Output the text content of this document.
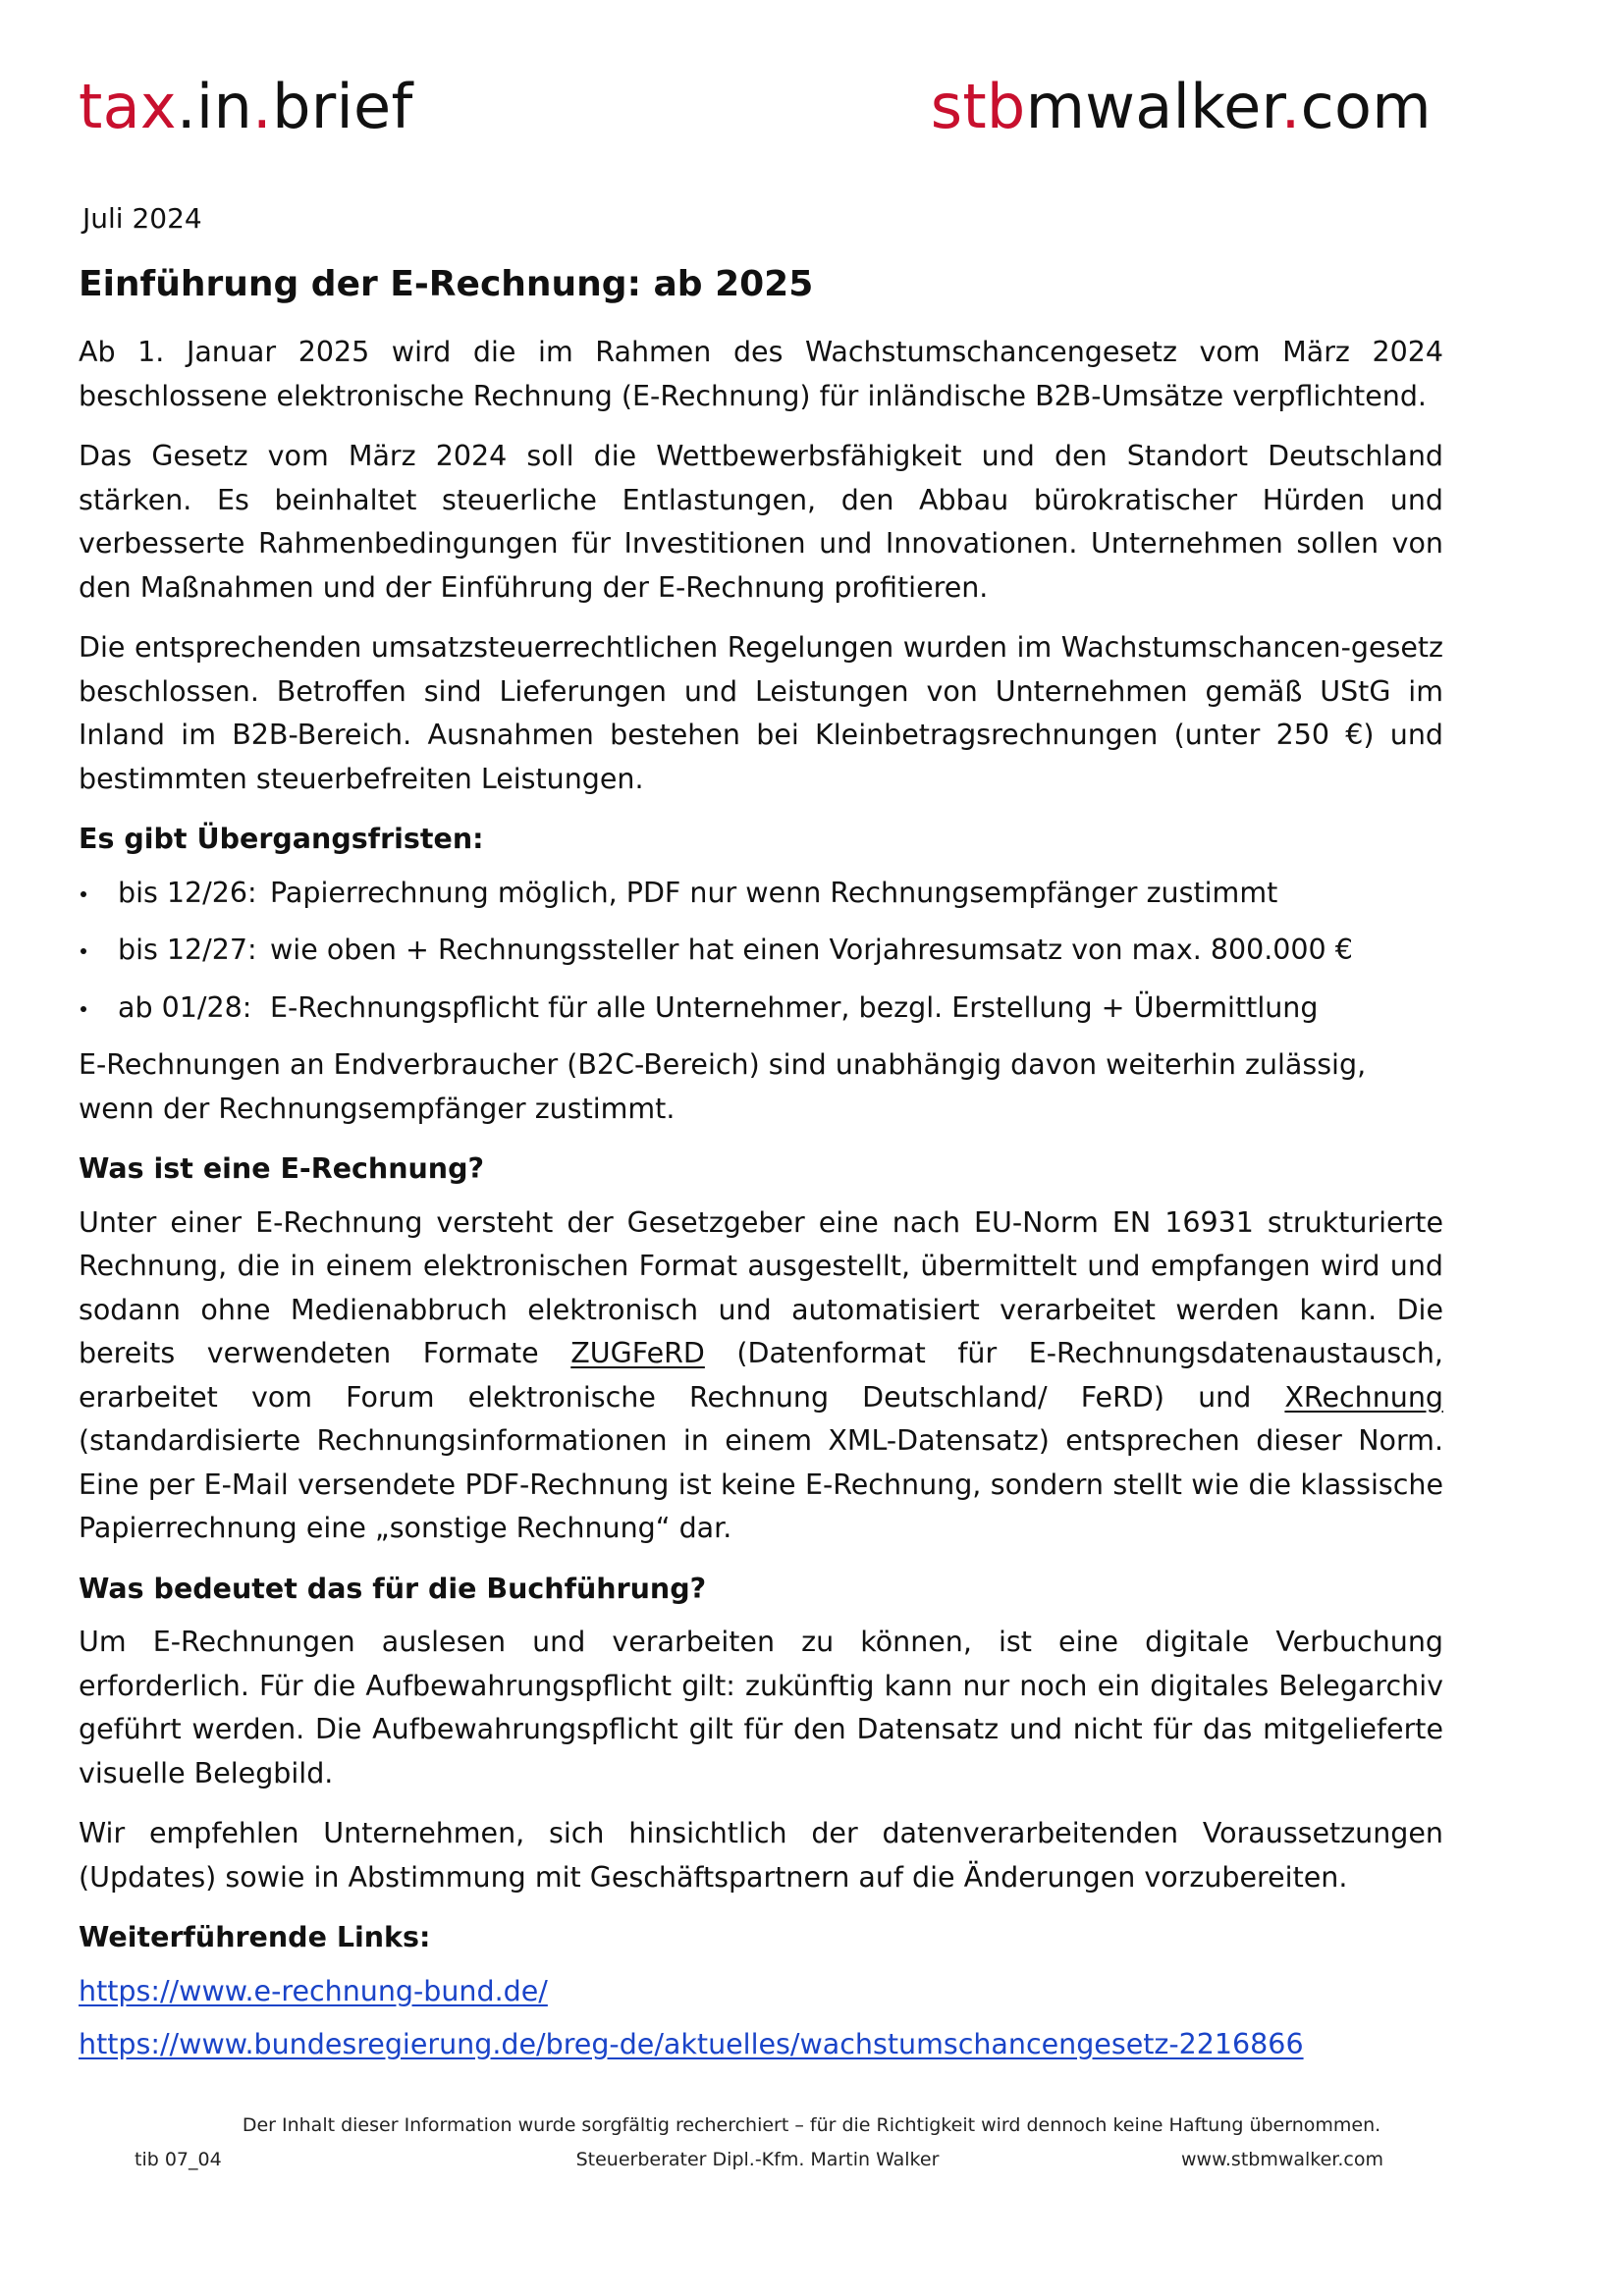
tax.in.brief	stbmwalker.com
Juli 2024
Einführung der E-Rechnung: ab 2025

Ab 1. Januar 2025 wird die im Rahmen des Wachstumschancengesetz vom März 2024 beschlossene elektronische Rechnung (E-Rechnung) für inländische B2B-Umsätze verpflichtend.

Das Gesetz vom März 2024 soll die Wettbewerbsfähigkeit und den Standort Deutschland stärken. Es beinhaltet steuerliche Entlastungen, den Abbau bürokratischer Hürden und verbesserte Rahmenbedingungen für Investitionen und Innovationen. Unternehmen sollen von den Maßnahmen und der Einführung der E-Rechnung profitieren.

Die entsprechenden umsatzsteuerrechtlichen Regelungen wurden im Wachstumschancen-gesetz beschlossen. Betroffen sind Lieferungen und Leistungen von Unternehmen gemäß UStG im Inland im B2B-Bereich. Ausnahmen bestehen bei Kleinbetragsrechnungen (unter 250 €) und bestimmten steuerbefreiten Leistungen.

Es gibt Übergangsfristen:
bis 12/26: Papierrechnung möglich, PDF nur wenn Rechnungsempfänger zustimmt
bis 12/27: wie oben + Rechnungssteller hat einen Vorjahresumsatz von max. 800.000 €
ab 01/28: E-Rechnungspflicht für alle Unternehmer, bezgl. Erstellung + Übermittlung

E-Rechnungen an Endverbraucher (B2C-Bereich) sind unabhängig davon weiterhin zulässig, wenn der Rechnungsempfänger zustimmt.

Was ist eine E-Rechnung?

Unter einer E-Rechnung versteht der Gesetzgeber eine nach EU-Norm EN 16931 strukturierte Rechnung, die in einem elektronischen Format ausgestellt, übermittelt und empfangen wird und sodann ohne Medienabbruch elektronisch und automatisiert verarbeitet werden kann. Die bereits verwendeten Formate ZUGFeRD (Datenformat für E-Rechnungsdatenaustausch, erarbeitet vom Forum elektronische Rechnung Deutschland/ FeRD) und XRechnung (standardisierte Rechnungsinformationen in einem XML-Datensatz) entsprechen dieser Norm. Eine per E-Mail versendete PDF-Rechnung ist keine E-Rechnung, sondern stellt wie die klassische Papierrechnung eine „sonstige Rechnung“ dar.

Was bedeutet das für die Buchführung?

Um E-Rechnungen auslesen und verarbeiten zu können, ist eine digitale Verbuchung erforderlich. Für die Aufbewahrungspflicht gilt: zukünftig kann nur noch ein digitales Belegarchiv geführt werden. Die Aufbewahrungspflicht gilt für den Datensatz und nicht für das mitgelieferte visuelle Belegbild.

Wir empfehlen Unternehmen, sich hinsichtlich der datenverarbeitenden Voraussetzungen (Updates) sowie in Abstimmung mit Geschäftspartnern auf die Änderungen vorzubereiten.

Weiterführende Links:
https://www.e-rechnung-bund.de/
https://www.bundesregierung.de/breg-de/aktuelles/wachstumschancengesetz-2216866
Der Inhalt dieser Information wurde sorgfältig recherchiert – für die Richtigkeit wird dennoch keine Haftung übernommen.
tib 07_04	Steuerberater Dipl.-Kfm. Martin Walker	www.stbmwalker.com
